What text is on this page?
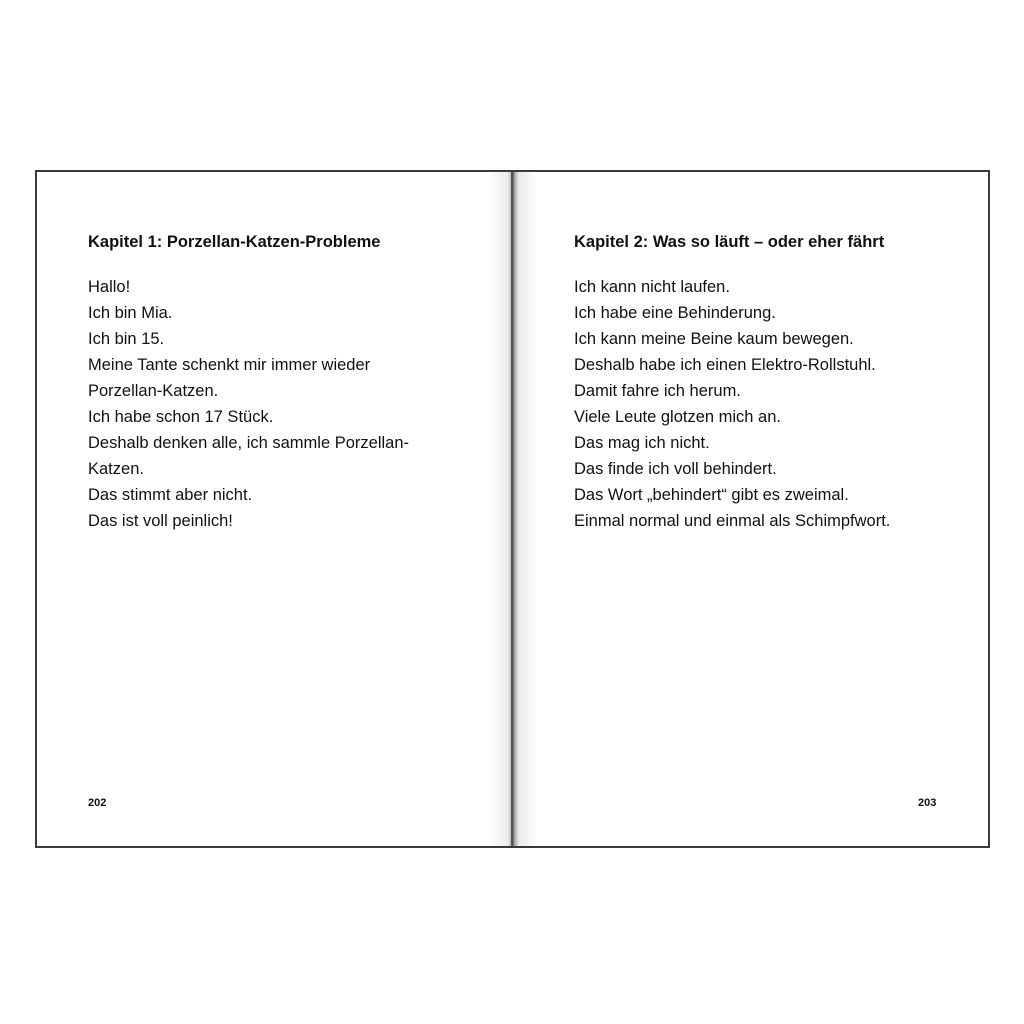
Kapitel 1: Porzellan-Katzen-Probleme
Hallo!
Ich bin Mia.
Ich bin 15.
Meine Tante schenkt mir immer wieder
Porzellan-Katzen.
Ich habe schon 17 Stück.
Deshalb denken alle, ich sammle Porzellan-
Katzen.
Das stimmt aber nicht.
Das ist voll peinlich!
202
Kapitel 2: Was so läuft – oder eher fährt
Ich kann nicht laufen.
Ich habe eine Behinderung.
Ich kann meine Beine kaum bewegen.
Deshalb habe ich einen Elektro-Rollstuhl.
Damit fahre ich herum.
Viele Leute glotzen mich an.
Das mag ich nicht.
Das finde ich voll behindert.
Das Wort „behindert“ gibt es zweimal.
Einmal normal und einmal als Schimpfwort.
203
